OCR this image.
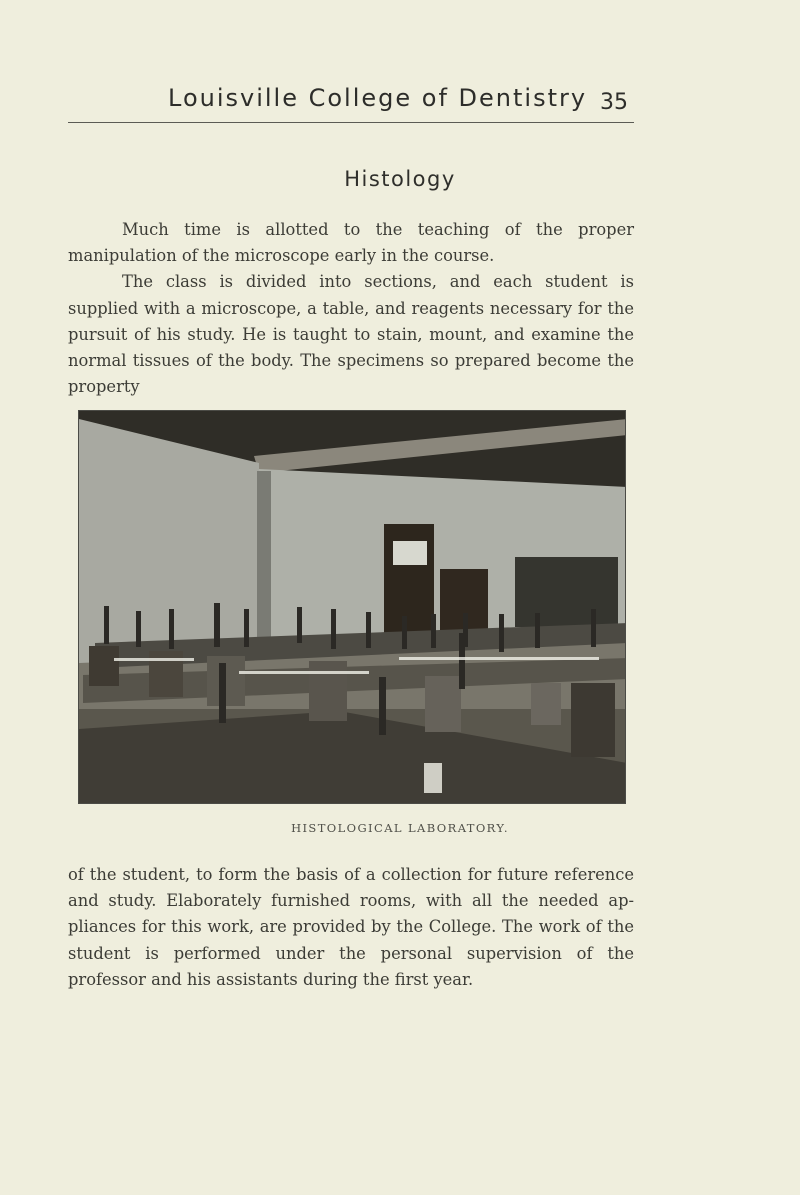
Louisville College of Dentistry 35
Histology

Much time is allotted to the teaching of the proper manipulation of the microscope early in the course.

The class is divided into sections, and each student is supplied with a microscope, a table, and reagents necessary for the pursuit of his study. He is taught to stain, mount, and examine the normal tissues of the body. The specimens so prepared become the property

HISTOLOGICAL LABORATORY.
of the student, to form the basis of a collection for future reference and study. Elaborately furnished rooms, with all the needed ap-pliances for this work, are provided by the College. The work of the student is performed under the personal supervision of the professor and his assistants during the first year.
